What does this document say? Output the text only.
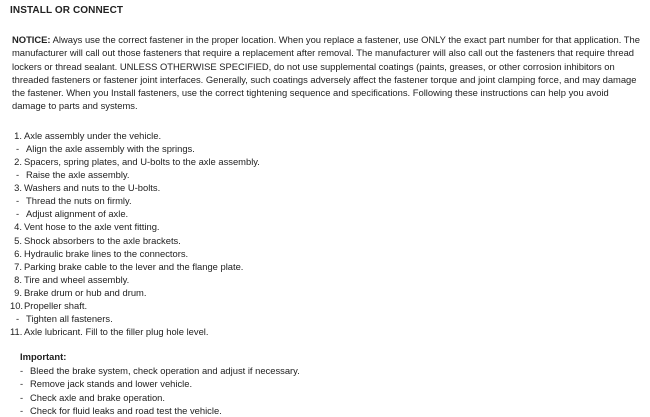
INSTALL OR CONNECT
NOTICE: Always use the correct fastener in the proper location. When you replace a fastener, use ONLY the exact part number for that application. The manufacturer will call out those fasteners that require a replacement after removal. The manufacturer will also call out the fasteners that require thread lockers or thread sealant. UNLESS OTHERWISE SPECIFIED, do not use supplemental coatings (paints, greases, or other corrosion inhibitors on threaded fasteners or fastener joint interfaces. Generally, such coatings adversely affect the fastener torque and joint clamping force, and may damage the fastener. When you Install fasteners, use the correct tightening sequence and specifications. Following these instructions can help you avoid damage to parts and systems.
1. Axle assembly under the vehicle.
- Align the axle assembly with the springs.
2. Spacers, spring plates, and U-bolts to the axle assembly.
- Raise the axle assembly.
3. Washers and nuts to the U-bolts.
- Thread the nuts on firmly.
- Adjust alignment of axle.
4. Vent hose to the axle vent fitting.
5. Shock absorbers to the axle brackets.
6. Hydraulic brake lines to the connectors.
7. Parking brake cable to the lever and the flange plate.
8. Tire and wheel assembly.
9. Brake drum or hub and drum.
10.Propeller shaft.
- Tighten all fasteners.
11. Axle lubricant. Fill to the filler plug hole level.
Important:
- Bleed the brake system, check operation and adjust if necessary.
- Remove jack stands and lower vehicle.
- Check axle and brake operation.
- Check for fluid leaks and road test the vehicle.
